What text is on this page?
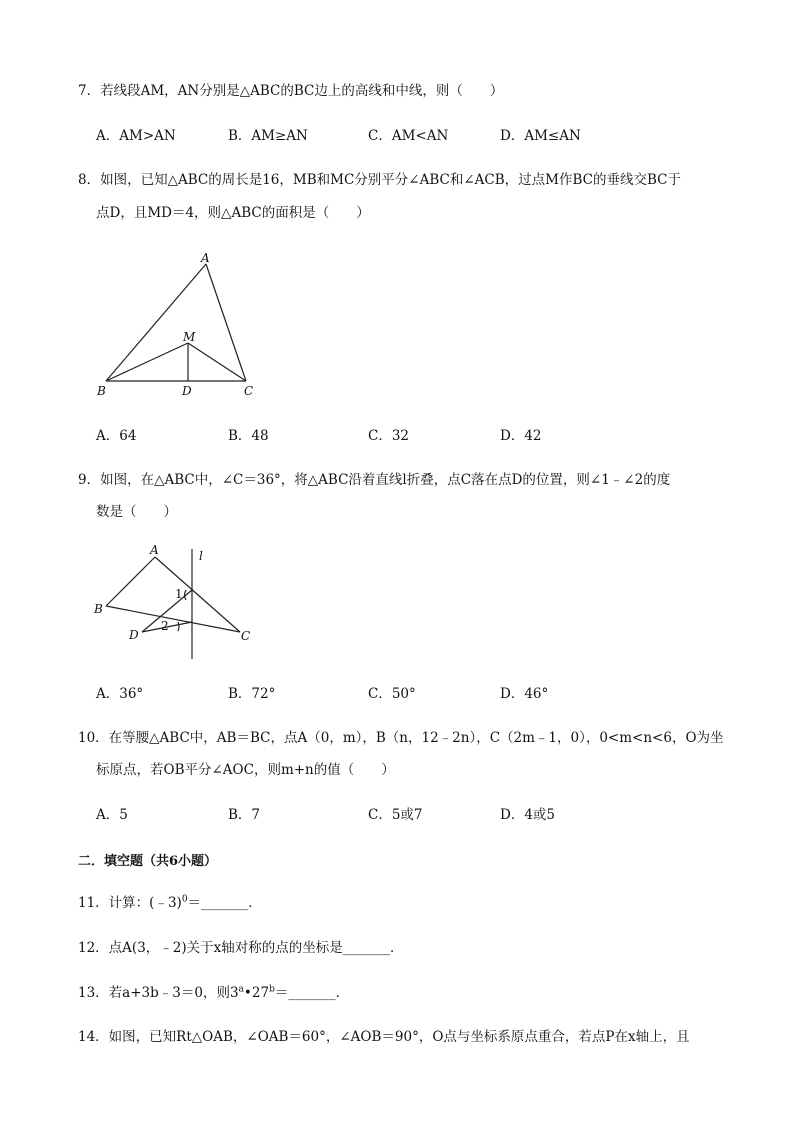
7．若线段AM，AN分别是△ABC的BC边上的高线和中线，则（　　）
A．AM>AN	B．AM≥AN	C．AM<AN	D．AM≤AN
8．如图，已知△ABC的周长是16，MB和MC分别平分∠ABC和∠ACB，过点M作BC的垂线交BC于
点D，且MD＝4，则△ABC的面积是（　　）
A
M
B	D	C
A．64	B．48	C．32	D．42
9．如图，在△ABC中，∠C＝36°，将△ABC沿着直线l折叠，点C落在点D的位置，则∠1﹣∠2的度
数是（　　）
A	l
B
1
2
D	C
A．36°	B．72°	C．50°	D．46°
10．在等腰△ABC中，AB＝BC，点A（0，m），B（n，12﹣2n），C（2m﹣1，0），0<m<n<6，O为坐
标原点，若OB平分∠AOC，则m+n的值（　　）
A．5	B．7	C．5或7	D．4或5
二．填空题（共6小题）
11．计算：(﹣3)$^0$＝_______．
12．点A(3，﹣2)关于x轴对称的点的坐标是_______．
13．若a+3b﹣3＝0，则$3^a•27^b=\_\_\_\_\_\_\_$．
14．如图，已知Rt△OAB，∠OAB＝60°，∠AOB＝90°，O点与坐标系原点重合，若点P在x轴上，且
